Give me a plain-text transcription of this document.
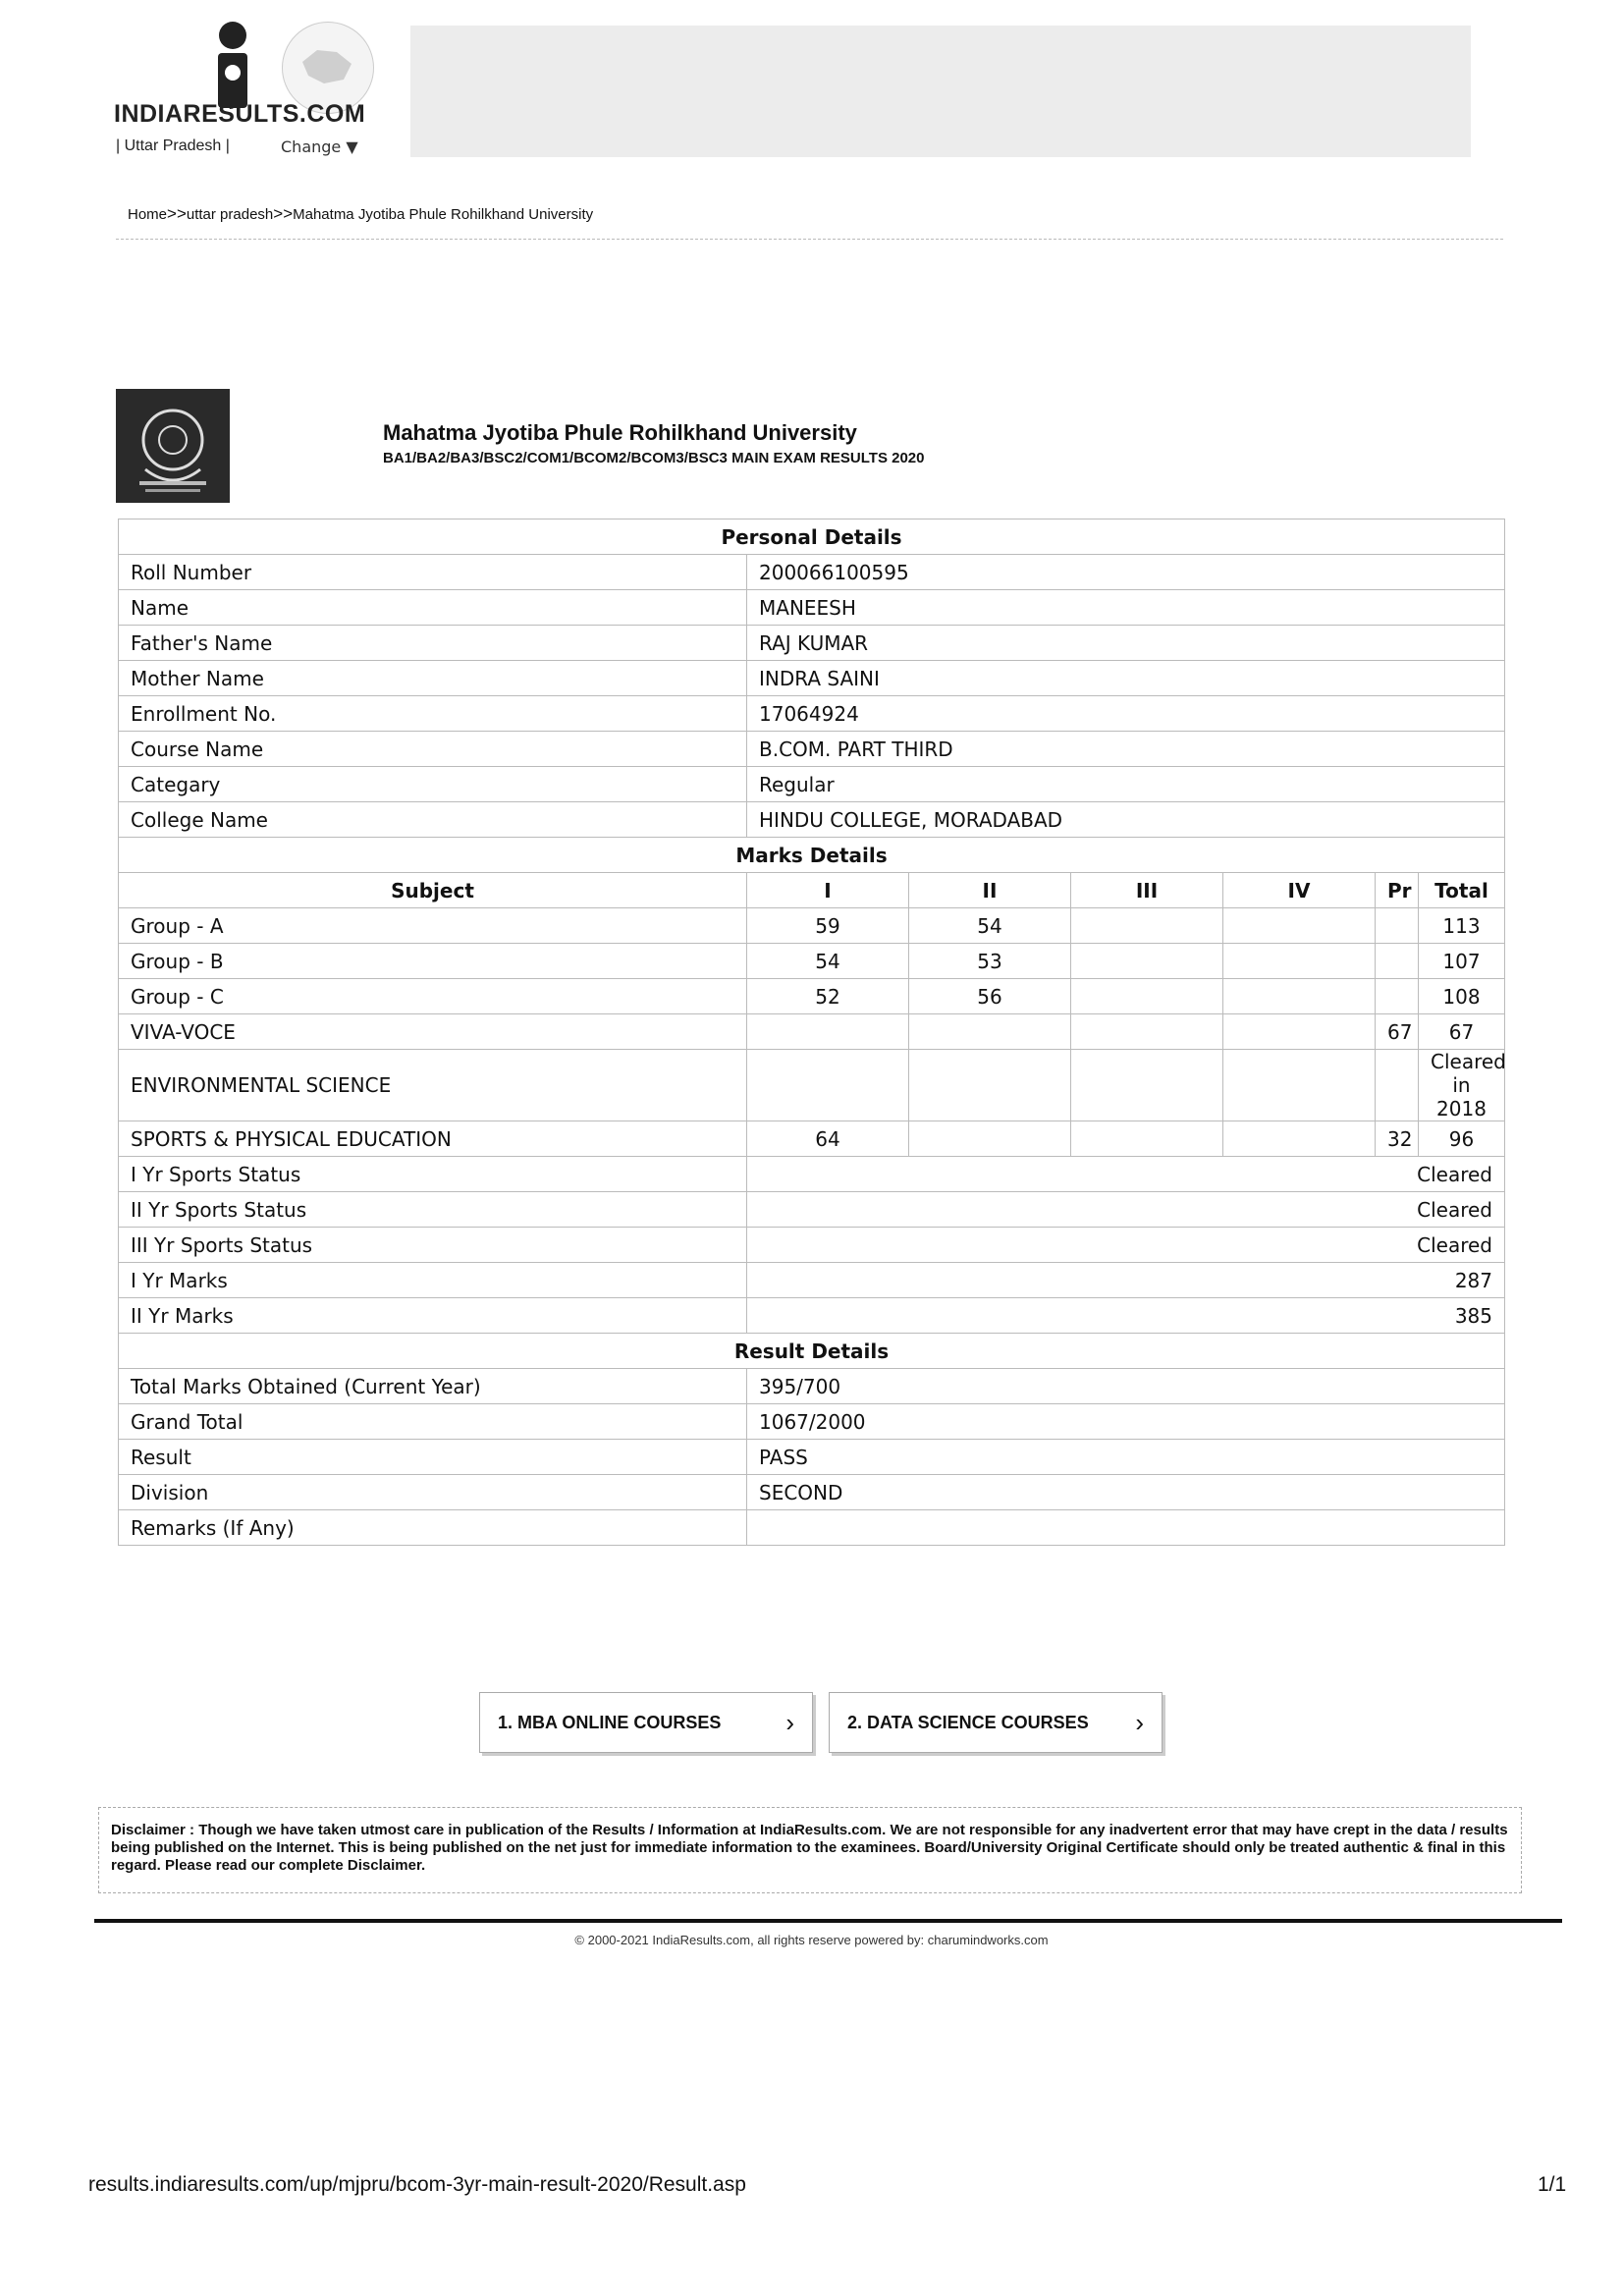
INDIARESULTS.COM
| Uttar Pradesh |	Change ▼
Home>>uttar pradesh>>Mahatma Jyotiba Phule Rohilkhand University
Mahatma Jyotiba Phule Rohilkhand University
BA1/BA2/BA3/BSC2/COM1/BCOM2/BCOM3/BSC3 MAIN EXAM RESULTS 2020
Personal Details						
Roll Number	200066100595					
Name	MANEESH					
Father's Name	RAJ KUMAR					
Mother Name	INDRA SAINI					
Enrollment No.	17064924					
Course Name	B.COM. PART THIRD					
Categary	Regular					
College Name	HINDU COLLEGE, MORADABAD					
Marks Details						
Subject	I	II	III	IV	Pr	Total
Group - A	59	54				113
Group - B	54	53				107
Group - C	52	56				108
VIVA-VOCE					67	67
ENVIRONMENTAL SCIENCE						Cleared in 2018
SPORTS & PHYSICAL EDUCATION	64				32	96
I Yr Sports Status	Cleared					
II Yr Sports Status	Cleared					
III Yr Sports Status	Cleared					
I Yr Marks	287					
II Yr Marks	385					
Result Details						
Total Marks Obtained (Current Year)	395/700					
Grand Total	1067/2000					
Result	PASS					
Division	SECOND					
Remarks (If Any)						
1. MBA ONLINE COURSES	›	2. DATA SCIENCE COURSES ›
Disclaimer : Though we have taken utmost care in publication of the Results / Information at IndiaResults.com. We are not responsible for any inadvertent error that may have crept in the data / results being published on the Internet. This is being published on the net just for immediate information to the examinees. Board/University Original Certificate should only be treated authentic & final in this regard. Please read our complete Disclaimer.
© 2000-2021 IndiaResults.com, all rights reserve powered by: charumindworks.com
results.indiaresults.com/up/mjpru/bcom-3yr-main-result-2020/Result.asp	1/1
